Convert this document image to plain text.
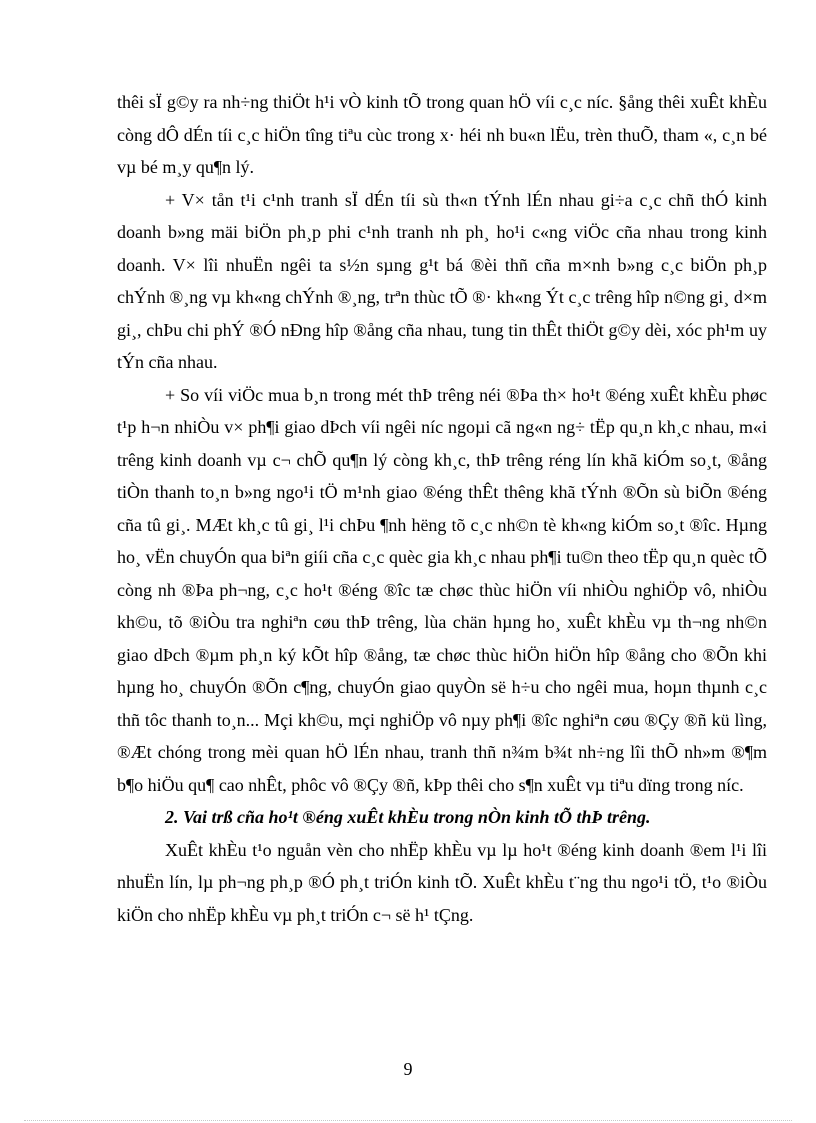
thêi sÏ g©y ra nh÷ng thiÖt h¹i vÒ kinh tÕ trong quan hÖ víi c¸c níc. §ång thêi xuÊt khÈu còng dÔ dÉn tíi c¸c hiÖn tîng tiªu cùc trong x· héi nh bu«n lËu, trèn thuÕ, tham «, c¸n bé vµ bé m¸y qu¶n lý.

+ V× tån t¹i c¹nh tranh sÏ dÉn tíi sù th«n tÝnh lÉn nhau gi÷a c¸c chñ thÓ kinh doanh b»ng mäi biÖn ph¸p phi c¹nh tranh nh ph¸ ho¹i c«ng viÖc cña nhau trong kinh doanh. V× lîi nhuËn ngêi ta s½n sµng g¹t bá ®èi thñ cña m×nh b»ng c¸c biÖn ph¸p chÝnh ®¸ng vµ kh«ng chÝnh ®¸ng, trªn thùc tÕ ®· kh«ng Ýt c¸c trêng hîp n©ng gi¸ d×m gi¸, chÞu chi phÝ ®Ó nÐng hîp ®ång cña nhau, tung tin thÊt thiÖt g©y dèi, xóc ph¹m uy tÝn cña nhau.

+ So víi viÖc mua b¸n trong mét thÞ trêng néi ®Þa th× ho¹t ®éng xuÊt khÈu phøc t¹p h¬n nhiÒu v× ph¶i giao dÞch víi ngêi níc ngoµi cã ng«n ng÷ tËp qu¸n kh¸c nhau, m«i trêng kinh doanh vµ c¬ chÕ qu¶n lý còng kh¸c, thÞ trêng réng lín khã kiÓm so¸t, ®ång tiÒn thanh to¸n b»ng ngo¹i tÖ m¹nh giao ®éng thÊt thêng khã tÝnh ®Õn sù biÕn ®éng cña tû gi¸. MÆt kh¸c tû gi¸ l¹i chÞu ¶nh hëng tõ c¸c nh©n tè kh«ng kiÓm so¸t ®îc. Hµng ho¸ vËn chuyÓn qua biªn giíi cña c¸c quèc gia kh¸c nhau ph¶i tu©n theo tËp qu¸n quèc tÕ còng nh ®Þa ph¬ng, c¸c ho¹t ®éng ®îc tæ chøc thùc hiÖn víi nhiÒu nghiÖp vô, nhiÒu kh©u, tõ ®iÒu tra nghiªn cøu thÞ trêng, lùa chän hµng ho¸ xuÊt khÈu vµ th¬ng nh©n giao dÞch ®µm ph¸n ký kÕt hîp ®ång, tæ chøc thùc hiÖn hiÖn hîp ®ång cho ®Õn khi hµng ho¸ chuyÓn ®Õn c¶ng, chuyÓn giao quyÒn së h÷u cho ngêi mua, hoµn thµnh c¸c thñ tôc thanh to¸n... Mçi kh©u, mçi nghiÖp vô nµy ph¶i ®îc nghiªn cøu ®Çy ®ñ kü lìng, ®Æt chóng trong mèi quan hÖ lÉn nhau, tranh thñ n¾m b¾t nh÷ng lîi thÕ nh»m ®¶m b¶o hiÖu qu¶ cao nhÊt, phôc vô ®Çy ®ñ, kÞp thêi cho s¶n xuÊt vµ tiªu dïng trong níc.

2. Vai trß cña ho¹t ®éng xuÊt khÈu trong nÒn kinh tÕ thÞ trêng.

XuÊt khÈu t¹o nguån vèn cho nhËp khÈu vµ lµ ho¹t ®éng kinh doanh ®em l¹i lîi nhuËn lín, lµ ph¬ng ph¸p ®Ó ph¸t triÓn kinh tÕ. XuÊt khÈu t¨ng thu ngo¹i tÖ, t¹o ®iÒu kiÖn cho nhËp khÈu vµ ph¸t triÓn c¬ së h¹ tÇng.

9
